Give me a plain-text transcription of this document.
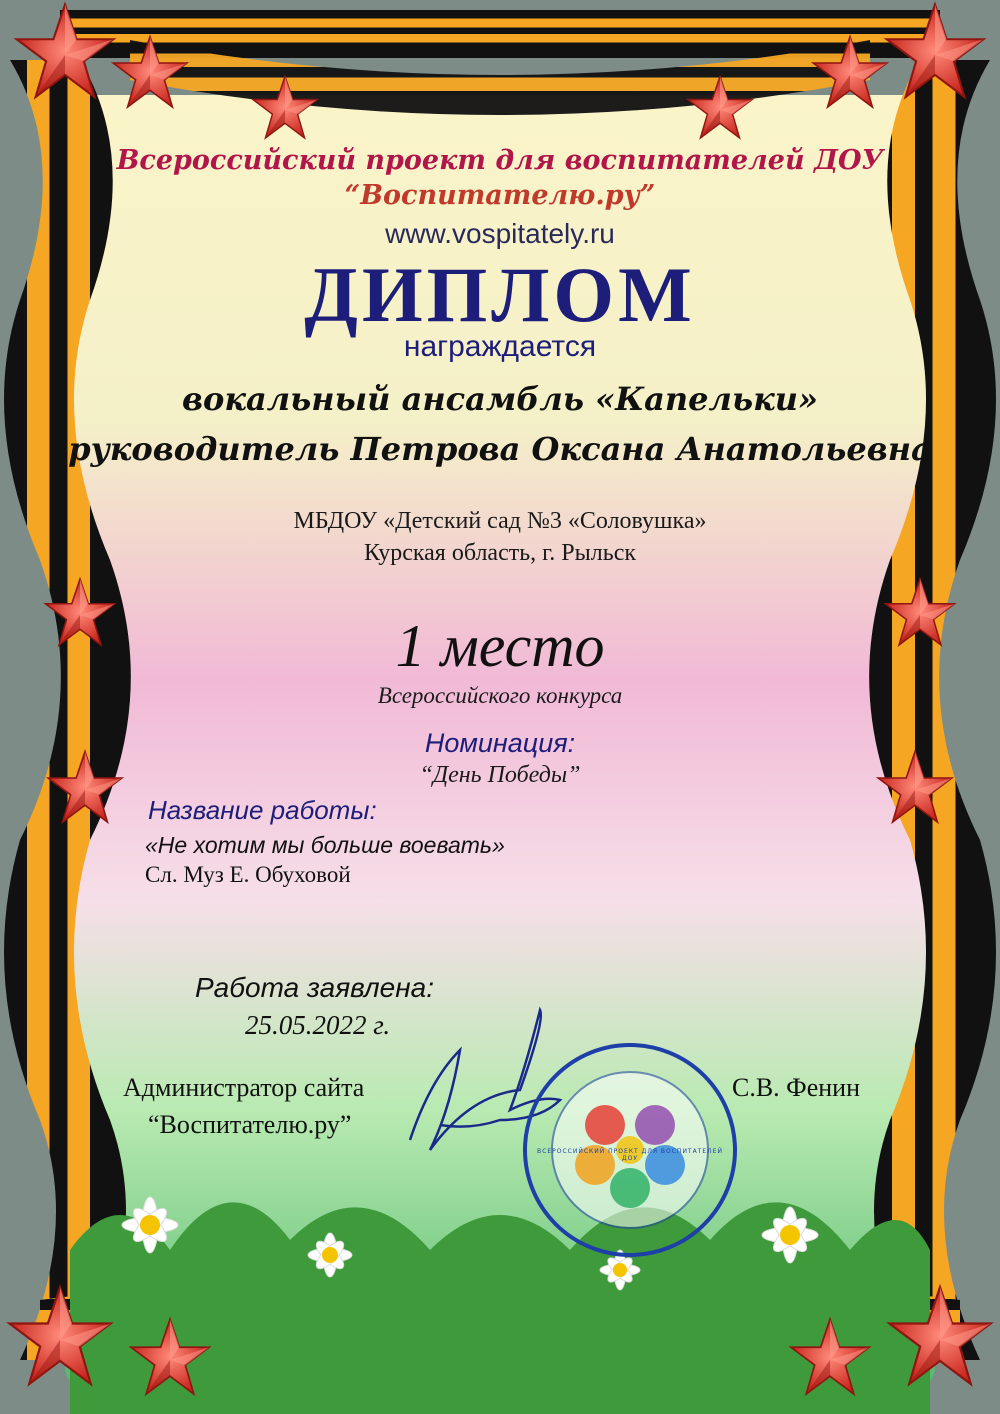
ВСЕРОССИЙСКИЙ ПРОЕКТ ДЛЯ ВОСПИТАТЕЛЕЙ ДОУ
Всероссийский проект для воспитателей ДОУ
“Воспитателю.ру”
www.vospitately.ru
ДИПЛОМ
награждается
вокальный ансамбль «Капельки»
руководитель Петрова Оксана Анатольевна
МБДОУ «Детский сад №3 «Соловушка»
Курская область, г. Рыльск
1 место
Всероссийского конкурса
Номинация:
“День Победы”
Название работы:
«Не хотим мы больше воевать»
Сл. Муз Е. Обуховой
Работа заявлена:
25.05.2022 г.
Администратор сайта
“Воспитателю.ру”
С.В. Фенин
